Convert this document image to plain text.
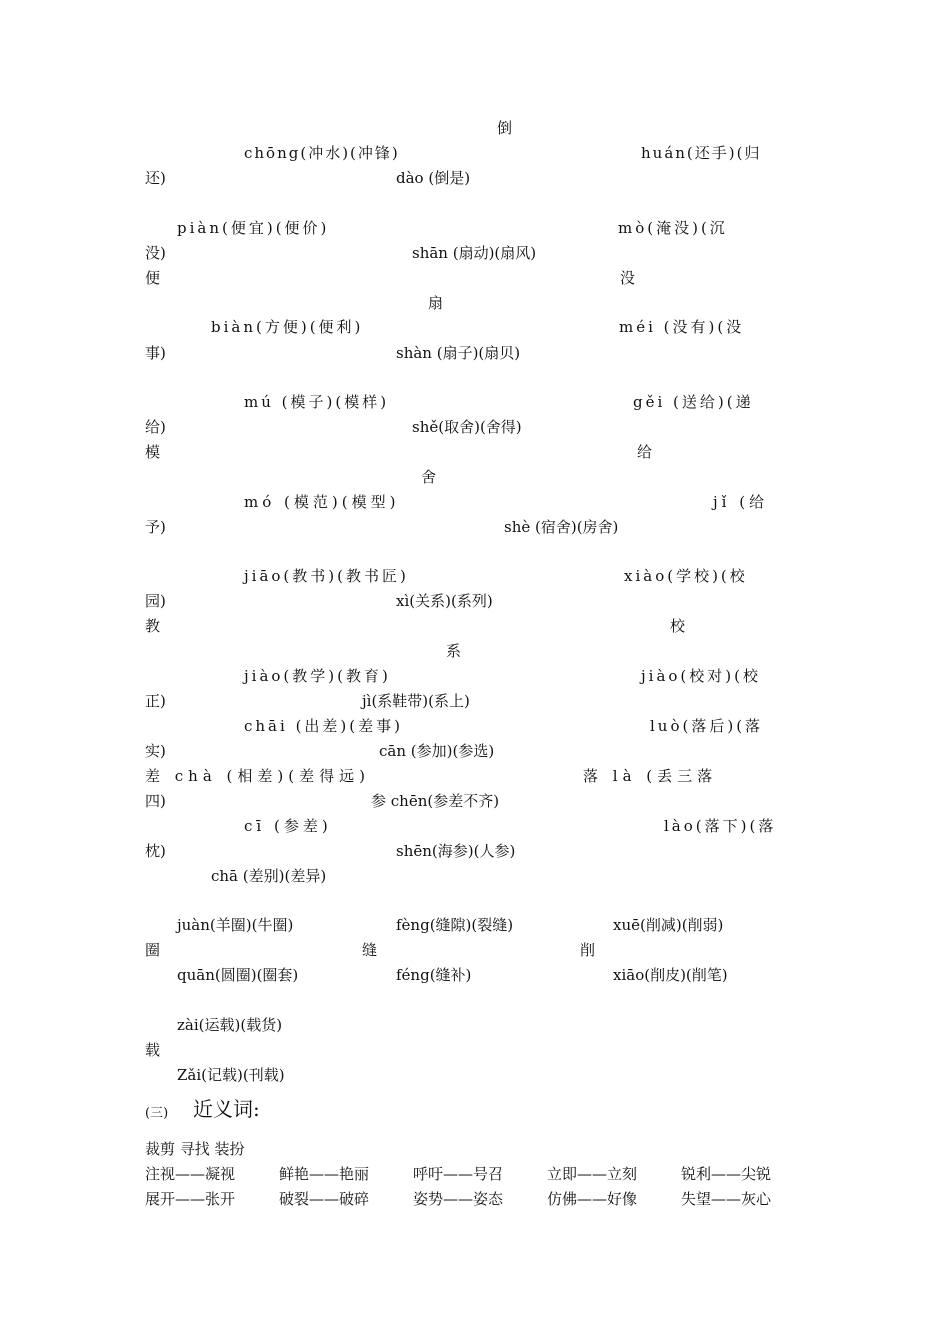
倒
chōng(冲水)(冲锋)	huán(还手)(归
还)	dào (倒是)
piàn(便宜)(便价)	mò(淹没)(沉
没)	shān (扇动)(扇风)
便	没
扇
biàn(方便)(便利)	méi (没有)(没
事)	shàn (扇子)(扇贝)
mú (模子)(模样)	gěi (送给)(递
给)	shě(取舍)(舍得)
模	给
舍
mó (模范)(模型)	jǐ (给
予)	shè (宿舍)(房舍)
jiāo(教书)(教书匠)	xiào(学校)(校
园)	xì(关系)(系列)
教	校
系
jiào(教学)(教育)	jiào(校对)(校
正)	jì(系鞋带)(系上)
chāi (出差)(差事)	luò(落后)(落
实)	cān (参加)(参选)
差 chà (相差)(差得远)	落 là (丢三落
四)	参 chēn(参差不齐)
cī (参差)	lào(落下)(落
枕)	shēn(海参)(人参)
chā (差别)(差异)
juàn(羊圈)(牛圈)	fèng(缝隙)(裂缝)	xuē(削减)(削弱)
圈	缝	削
quān(圆圈)(圈套)	féng(缝补)	xiāo(削皮)(削笔)
zài(运载)(载货)
载
Zǎi(记载)(刊载)
(三) 近义词:
裁剪 寻找 装扮
注视——凝视	鲜艳——艳丽	呼吁——号召	立即——立刻	锐利——尖锐
展开——张开	破裂——破碎	姿势——姿态	仿佛——好像	失望——灰心
